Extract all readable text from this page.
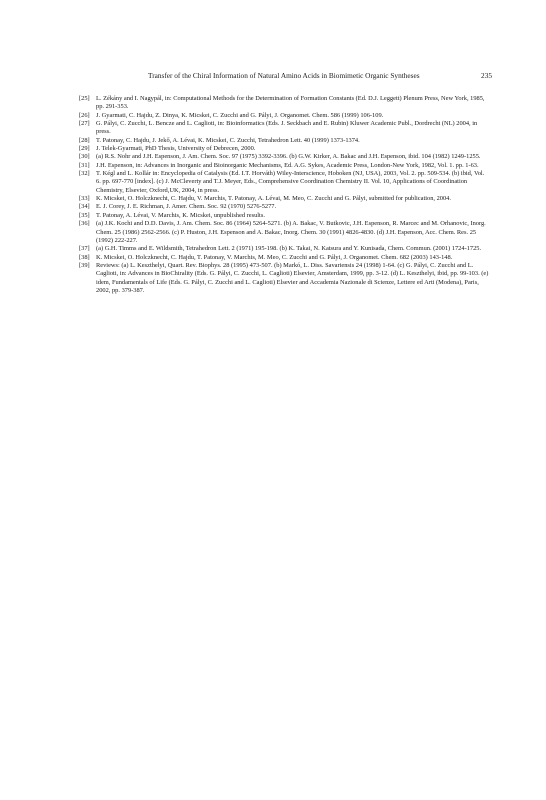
Transfer of the Chiral Information of Natural Amino Acids in Biomimetic Organic Syntheses	235
[25] L. Zékány and I. Nagypál, in: Computational Methods for the Determination of Formation Constants (Ed. D.J. Leggett) Plenum Press, New York, 1985, pp. 291-353.
[26] J. Gyarmati, C. Hajdu, Z. Dinya, K. Micskei, C. Zucchi and G. Pályi, J. Organomet. Chem. 586 (1999) 106-109.
[27] G. Pályi, C. Zucchi, L. Bencze and L. Caglioti, in: Bioinformatics (Eds. J. Seckbach and E. Rubin) Kluwer Academic Publ., Dordrecht (NL) 2004, in press.
[28] T. Patonay, C. Hajdu, J. Jekő, A. Lévai, K. Micskei, C. Zucchi, Tetrahedron Lett. 40 (1999) 1373-1374.
[29] J. Telek-Gyarmati, PhD Thesis, University of Debrecen, 2000.
[30] (a) R.S. Nohr and J.H. Espenson, J. Am. Chem. Soc. 97 (1975) 3392-3396. (b) G.W. Kirker, A. Bakac and J.H. Espenson, ibid. 104 (1982) 1249-1255.
[31] J.H. Espenson, in: Advances in Inorganic and Bioinorganic Mechanisms, Ed. A.G. Sykes, Academic Press, London-New York, 1982, Vol. 1. pp. 1-63.
[32] T. Kégl and L. Kollár in: Encyclopedia of Catalysis (Ed. I.T. Horváth) Wiley-Interscience, Hoboken (NJ, USA), 2003, Vol. 2. pp. 509-534. (b) ibid, Vol. 6. pp. 697-770 [index]. (c) J. McCleverty and T.J. Meyer, Eds., Comprehensive Coordination Chemistry II. Vol. 10, Applications of Coordination Chemistry, Elsevier, Oxford,UK, 2004, in press.
[33] K. Micskei, O. Holczknecht, C. Hajdu, V. Marchis, T. Patonay, A. Lévai, M. Meo, C. Zucchi and G. Pályi, submitted for publication, 2004.
[34] E. J. Corey, J. E. Richman, J. Amer. Chem. Soc. 92 (1970) 5276-5277.
[35] T. Patonay, A. Lévai, V. Marchis, K. Micskei, unpublished results.
[36] (a) J.K. Kochi and D.D. Davis, J. Am. Chem. Soc. 86 (1964) 5264-5271. (b) A. Bakac, V. Butkovic, J.H. Espenson, R. Marcec and M. Orhanovic, Inorg. Chem. 25 (1986) 2562-2566. (c) P. Huston, J.H. Espenson and A. Bakac, Inorg. Chem. 30 (1991) 4826-4830. (d) J.H. Espenson, Acc. Chem. Res. 25 (1992) 222-227.
[37] (a) G.H. Timms and E. Wildsmith, Tetrahedron Lett. 2 (1971) 195-198. (b) K. Takai, N. Katsura and Y. Kunisada, Chem. Commun. (2001) 1724-1725.
[38] K. Micskei, O. Holczknecht, C. Hajdu, T. Patonay, V. Marchis, M. Meo, C. Zucchi and G. Pályi, J. Organomet. Chem. 682 (2003) 143-148.
[39] Reviews: (a) L. Keszthelyi, Quart. Rev. Biophys. 28 (1995) 473-507. (b) Markó, L. Diss. Savariensis 24 (1998) 1-64. (c) G. Pályi, C. Zucchi and L. Caglioti, in: Advances in BioChirality (Eds. G. Pályi, C. Zucchi, L. Caglioti) Elsevier, Amsterdam, 1999, pp. 3-12. (d) L. Keszthelyi, ibid, pp. 99-103. (e) idem, Fundamentals of Life (Eds. G. Pályi, C. Zucchi and L. Caglioti) Elsevier and Accademia Nazionale di Scienze, Lettere ed Arti (Modena), Paris, 2002, pp. 379-387.
